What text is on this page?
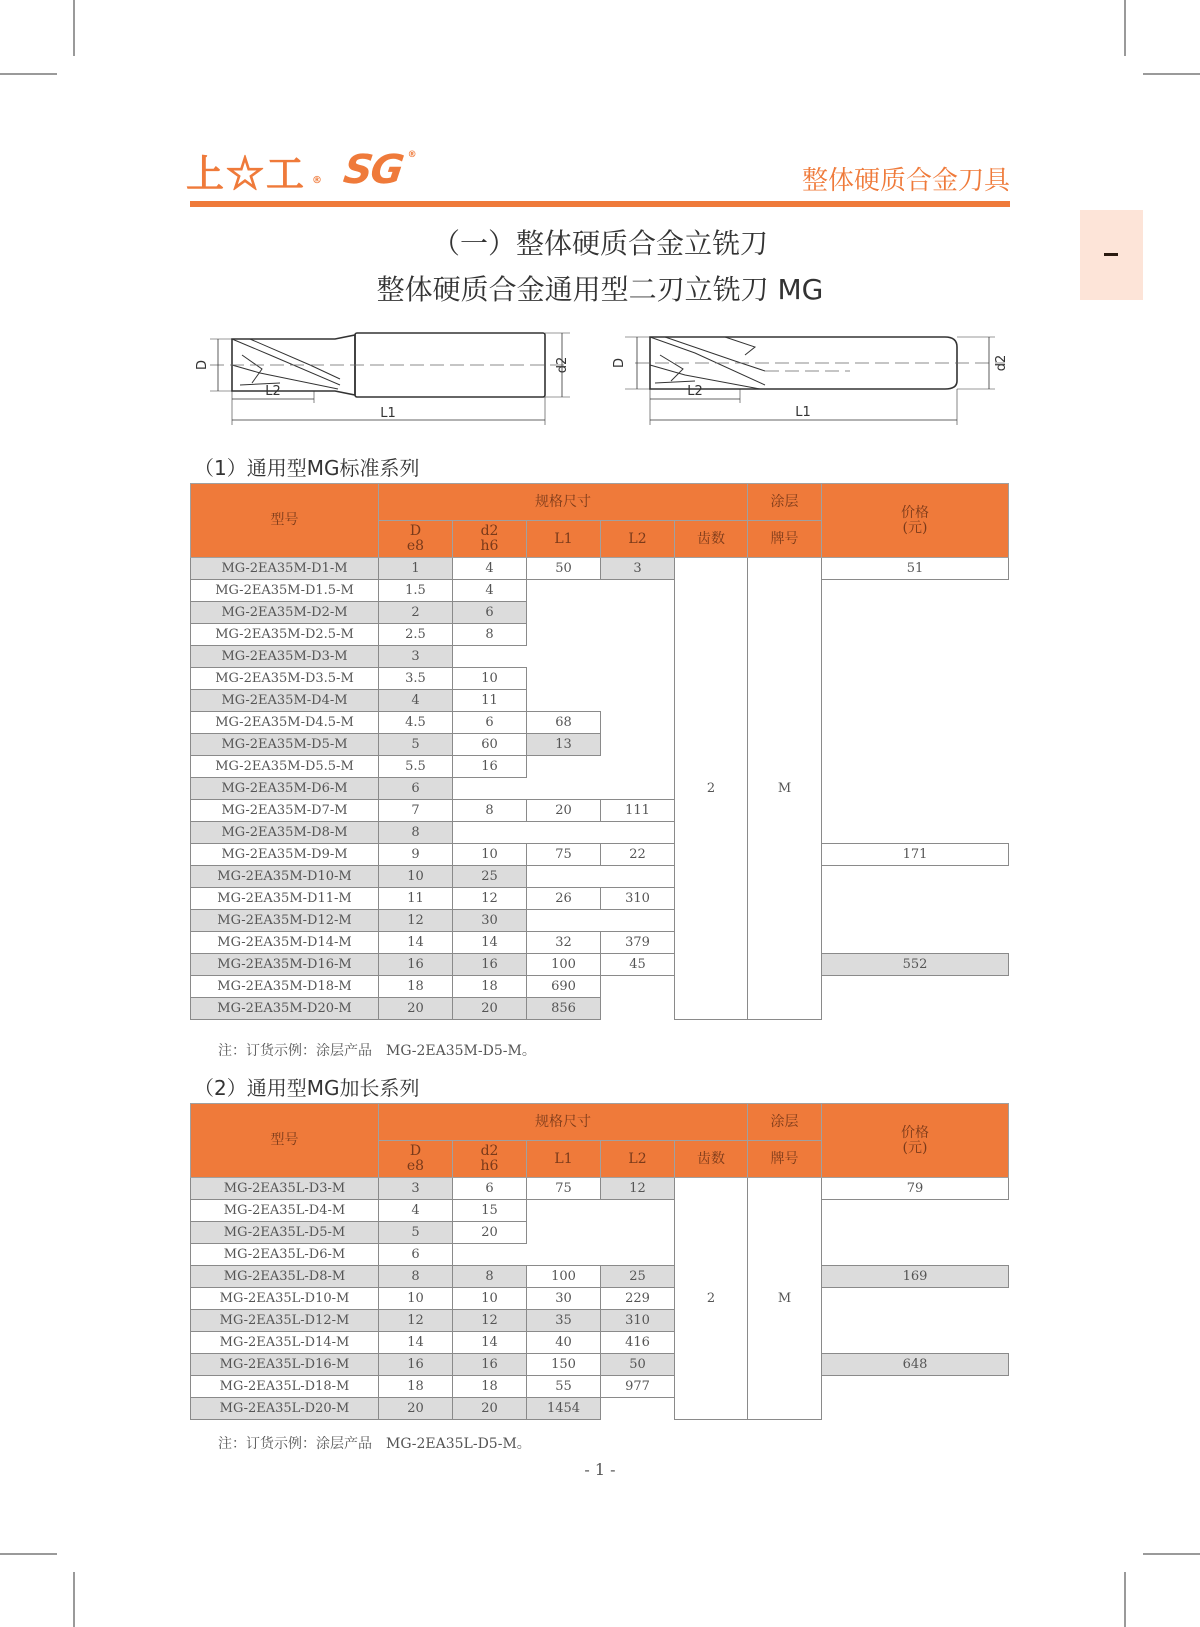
上☆工 ® SG ®
整体硬质合金刀具
（一）整体硬质合金立铣刀
整体硬质合金通用型二刃立铣刀 MG
D	d2
L2
L1
D	d2
L2
L1
（1）通用型MG标准系列
型号	规格尺寸					涂层	价格
(元)
	D
e8	d2
h6	L1	L2	齿数	牌号	
MG-2EA35M-D1-M	1	4	50	3	2	M	51
MG-2EA35M-D1.5-M	1.5	4					
MG-2EA35M-D2-M	2	6					
MG-2EA35M-D2.5-M	2.5	8					
MG-2EA35M-D3-M	3						
MG-2EA35M-D3.5-M	3.5	10					
MG-2EA35M-D4-M	4	11					
MG-2EA35M-D4.5-M	4.5	6	68				
MG-2EA35M-D5-M	5	60	13				
MG-2EA35M-D5.5-M	5.5	16					
MG-2EA35M-D6-M	6						
MG-2EA35M-D7-M	7	8	20	111			
MG-2EA35M-D8-M	8						
MG-2EA35M-D9-M	9	10	75	22			171
MG-2EA35M-D10-M	10	25					
MG-2EA35M-D11-M	11	12	26	310			
MG-2EA35M-D12-M	12	30					
MG-2EA35M-D14-M	14	14	32	379			
MG-2EA35M-D16-M	16	16	100	45			552
MG-2EA35M-D18-M	18	18	690				
MG-2EA35M-D20-M	20	20	856				
注：订货示例：涂层产品　MG-2EA35M-D5-M。
（2）通用型MG加长系列
型号	规格尺寸					涂层	价格
(元)
	D
e8	d2
h6	L1	L2	齿数	牌号	
MG-2EA35L-D3-M	3	6	75	12	2	M	79
MG-2EA35L-D4-M	4	15					
MG-2EA35L-D5-M	5	20					
MG-2EA35L-D6-M	6						
MG-2EA35L-D8-M	8	8	100	25			169
MG-2EA35L-D10-M	10	10	30	229			
MG-2EA35L-D12-M	12	12	35	310			
MG-2EA35L-D14-M	14	14	40	416			
MG-2EA35L-D16-M	16	16	150	50			648
MG-2EA35L-D18-M	18	18	55	977			
MG-2EA35L-D20-M	20	20	1454				
注：订货示例：涂层产品　MG-2EA35L-D5-M。
- 1 -
